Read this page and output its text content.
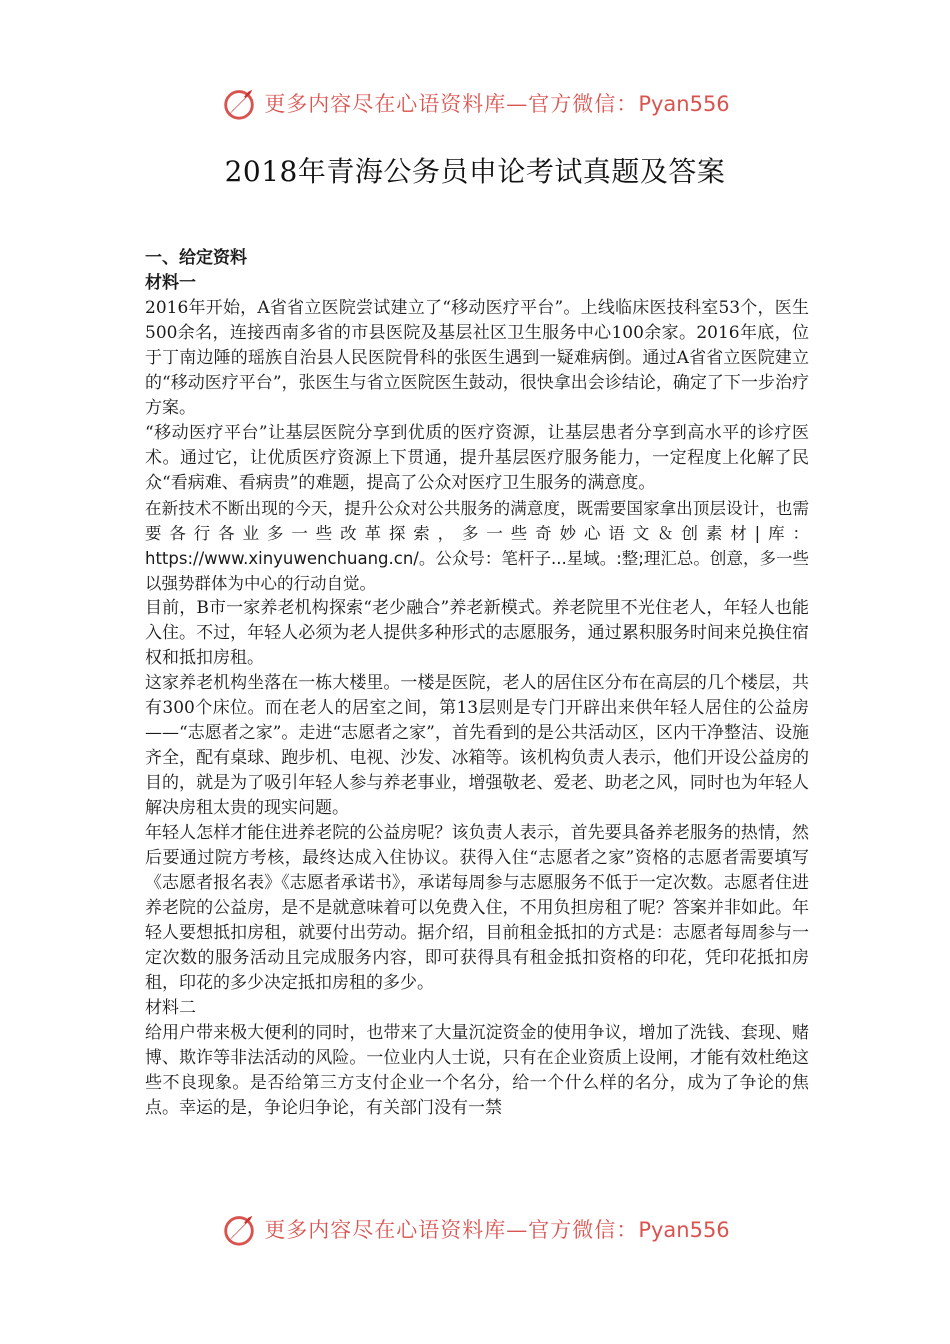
更多内容尽在心语资料库—官方微信：Pyan556
2018年青海公务员申论考试真题及答案

一、给定资料

材料一

2016年开始，A省省立医院尝试建立了“移动医疗平台”。上线临床医技科室53个，医生500余名，连接西南多省的市县医院及基层社区卫生服务中心100余家。2016年底，位于丁南边陲的瑶族自治县人民医院骨科的张医生遇到一疑难病倒。通过A省省立医院建立的“移动医疗平台”，张医生与省立医院医生鼓动，很快拿出会诊结论，确定了下一步治疗方案。

“移动医疗平台”让基层医院分享到优质的医疗资源，让基层患者分享到高水平的诊疗医术。通过它，让优质医疗资源上下贯通，提升基层医疗服务能力，一定程度上化解了民众“看病难、看病贵”的难题，提高了公众对医疗卫生服务的满意度。

在新技术不断出现的今天，提升公众对公共服务的满意度，既需要国家拿出顶层设计，也需要各行各业多一些改革探索，多一些奇妙心语文＆创素材|库：https://www.xinyuwenchuang.cn/。公众号：笔杆子...星域。:整;理汇总。创意，多一些以强势群体为中心的行动自觉。

目前，B市一家养老机构探索“老少融合”养老新模式。养老院里不光住老人，年轻人也能入住。不过，年轻人必须为老人提供多种形式的志愿服务，通过累积服务时间来兑换住宿权和抵扣房租。

这家养老机构坐落在一栋大楼里。一楼是医院，老人的居住区分布在高层的几个楼层，共有300个床位。而在老人的居室之间，第13层则是专门开辟出来供年轻人居住的公益房——“志愿者之家”。走进“志愿者之家”，首先看到的是公共活动区，区内干净整洁、设施齐全，配有桌球、跑步机、电视、沙发、冰箱等。该机构负责人表示，他们开设公益房的目的，就是为了吸引年轻人参与养老事业，增强敬老、爱老、助老之风，同时也为年轻人解决房租太贵的现实问题。

年轻人怎样才能住进养老院的公益房呢？该负责人表示，首先要具备养老服务的热情，然后要通过院方考核，最终达成入住协议。获得入住“志愿者之家”资格的志愿者需要填写《志愿者报名表》《志愿者承诺书》，承诺每周参与志愿服务不低于一定次数。志愿者住进养老院的公益房，是不是就意味着可以免费入住，不用负担房租了呢？答案并非如此。年轻人要想抵扣房租，就要付出劳动。据介绍，目前租金抵扣的方式是：志愿者每周参与一定次数的服务活动且完成服务内容，即可获得具有租金抵扣资格的印花，凭印花抵扣房租，印花的多少决定抵扣房租的多少。

材料二

给用户带来极大便利的同时，也带来了大量沉淀资金的使用争议，增加了洗钱、套现、赌博、欺诈等非法活动的风险。一位业内人士说，只有在企业资质上设闸，才能有效杜绝这些不良现象。是否给第三方支付企业一个名分，给一个什么样的名分，成为了争论的焦点。幸运的是，争论归争论，有关部门没有一禁

更多内容尽在心语资料库—官方微信：Pyan556
